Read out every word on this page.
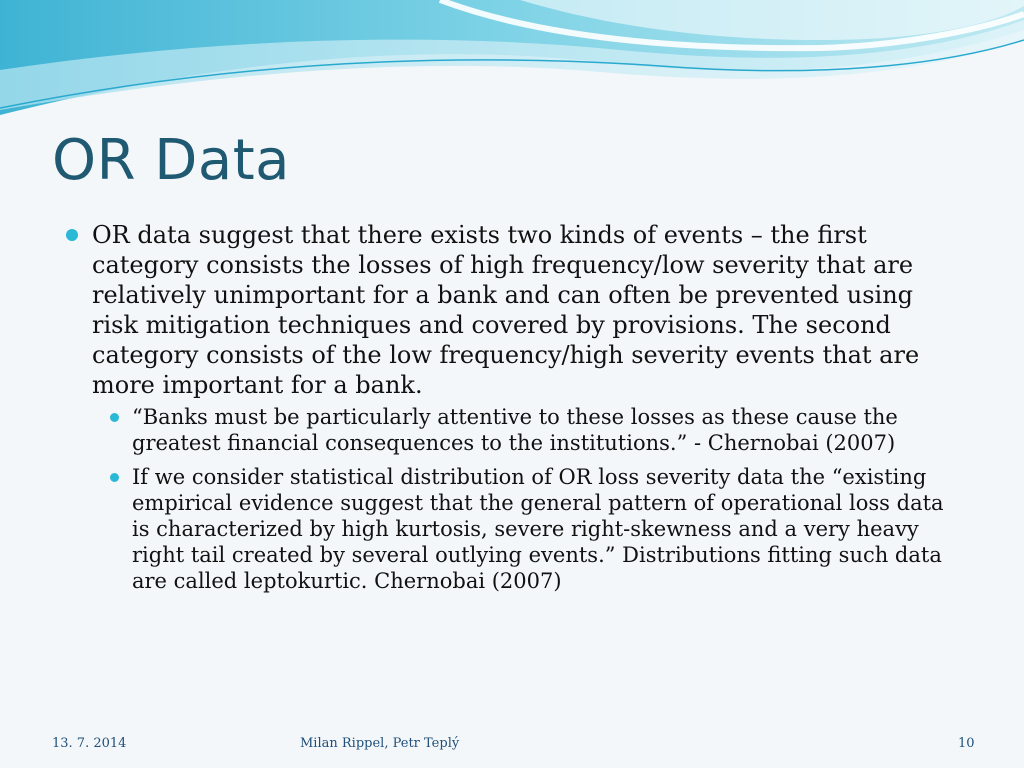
OR Data
OR data suggest that there exists two kinds of events – the first category consists the losses of high frequency/low severity that are relatively unimportant for a bank and can often be prevented using risk mitigation techniques and covered by provisions. The second category consists of the low frequency/high severity events that are more important for a bank.
“Banks must be particularly attentive to these losses as these cause the greatest financial consequences to the institutions.” - Chernobai (2007)
If we consider statistical distribution of OR loss severity data the “existing empirical evidence suggest that the general pattern of operational loss data is characterized by high kurtosis, severe right-skewness and a very heavy right tail created by several outlying events.” Distributions fitting such data are called leptokurtic. Chernobai (2007)
13. 7. 2014	Milan Rippel, Petr Teplý	10
